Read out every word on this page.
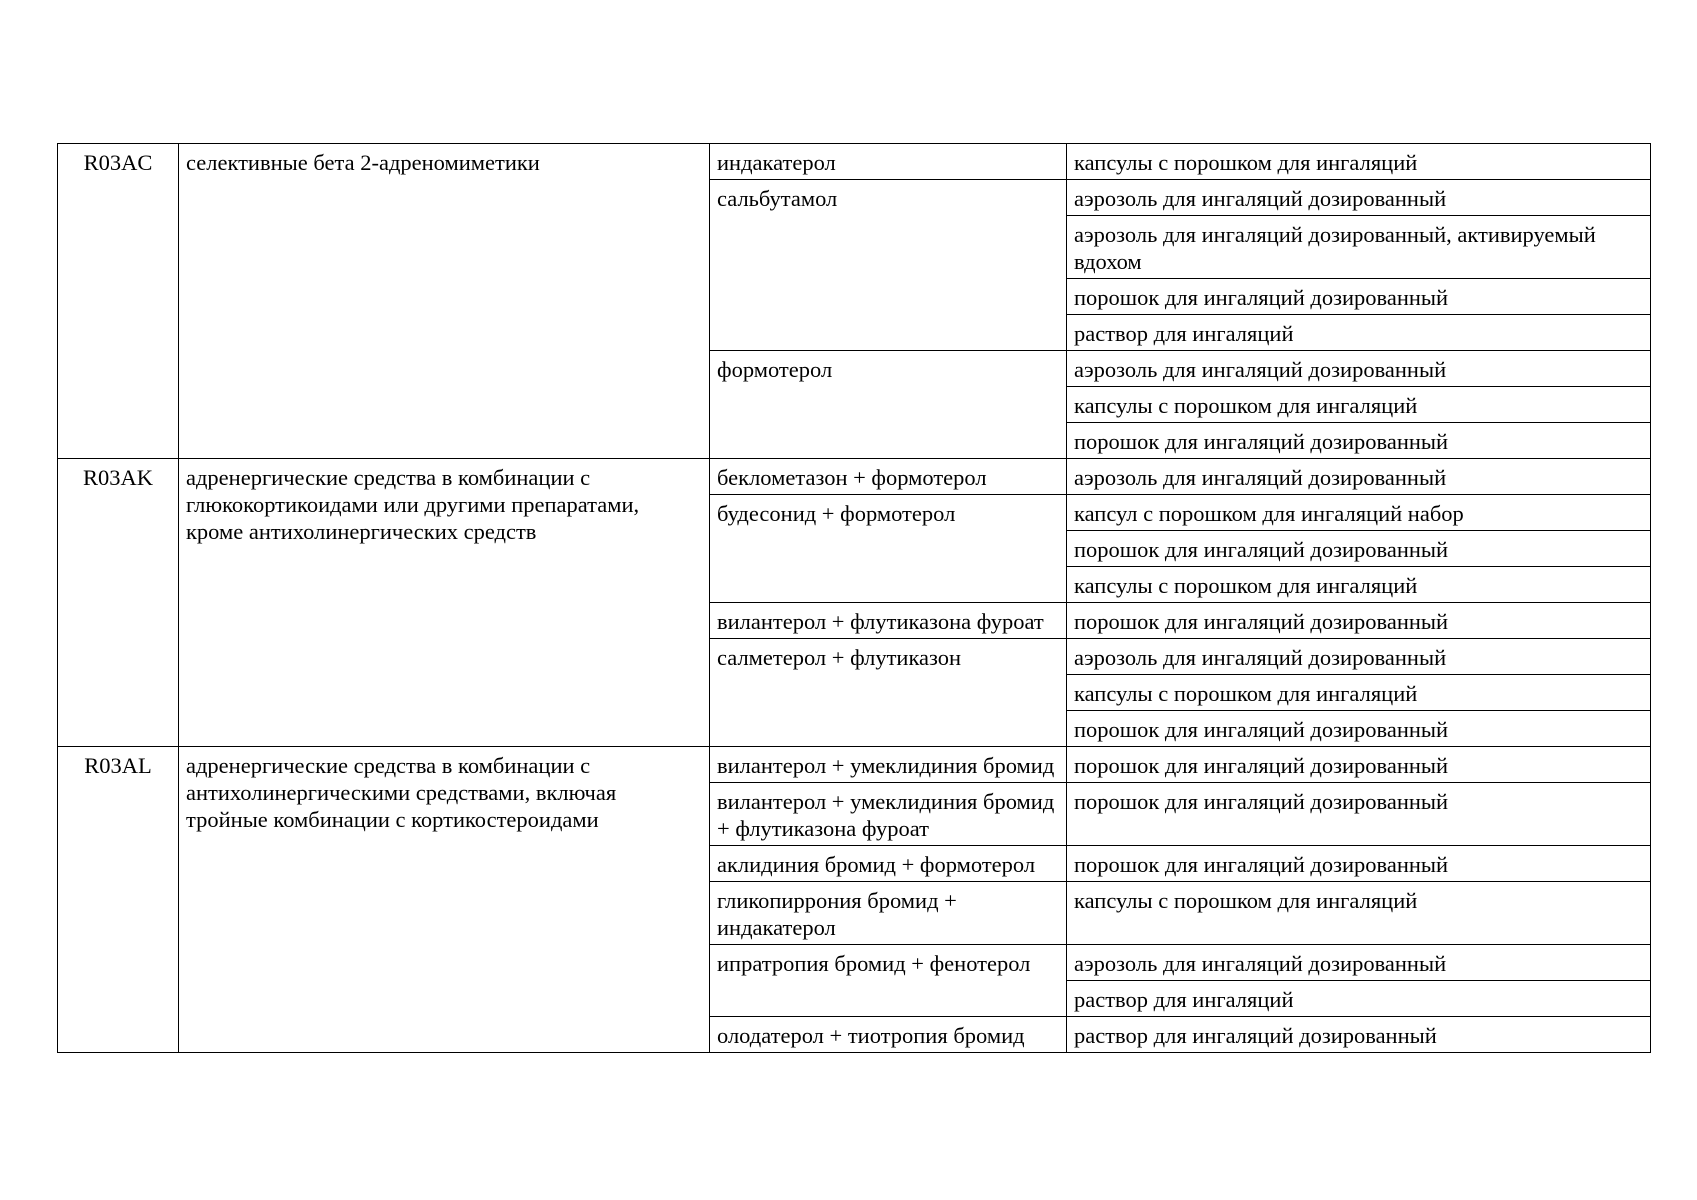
R03AC	селективные бета 2-адреномиметики	индакатерол	капсулы с порошком для ингаляций
		сальбутамол	аэрозоль для ингаляций дозированный
			аэрозоль для ингаляций дозированный, активируемый вдохом
			порошок для ингаляций дозированный
			раствор для ингаляций
		формотерол	аэрозоль для ингаляций дозированный
			капсулы с порошком для ингаляций
			порошок для ингаляций дозированный
R03AK	адренергические средства в комбинации с глюкокортикоидами или другими препаратами, кроме антихолинергических средств	беклометазон + формотерол	аэрозоль для ингаляций дозированный
		будесонид + формотерол	капсул с порошком для ингаляций набор
			порошок для ингаляций дозированный
			капсулы с порошком для ингаляций
		вилантерол + флутиказона фуроат	порошок для ингаляций дозированный
		салметерол + флутиказон	аэрозоль для ингаляций дозированный
			капсулы с порошком для ингаляций
			порошок для ингаляций дозированный
R03AL	адренергические средства в комбинации с антихолинергическими средствами, включая тройные комбинации с кортикостероидами	вилантерол + умеклидиния бромид	порошок для ингаляций дозированный
		вилантерол + умеклидиния бромид + флутиказона фуроат	порошок для ингаляций дозированный
		аклидиния бромид + формотерол	порошок для ингаляций дозированный
		гликопиррония бромид + индакатерол	капсулы с порошком для ингаляций
		ипратропия бромид + фенотерол	аэрозоль для ингаляций дозированный
			раствор для ингаляций
		олодатерол + тиотропия бромид	раствор для ингаляций дозированный
